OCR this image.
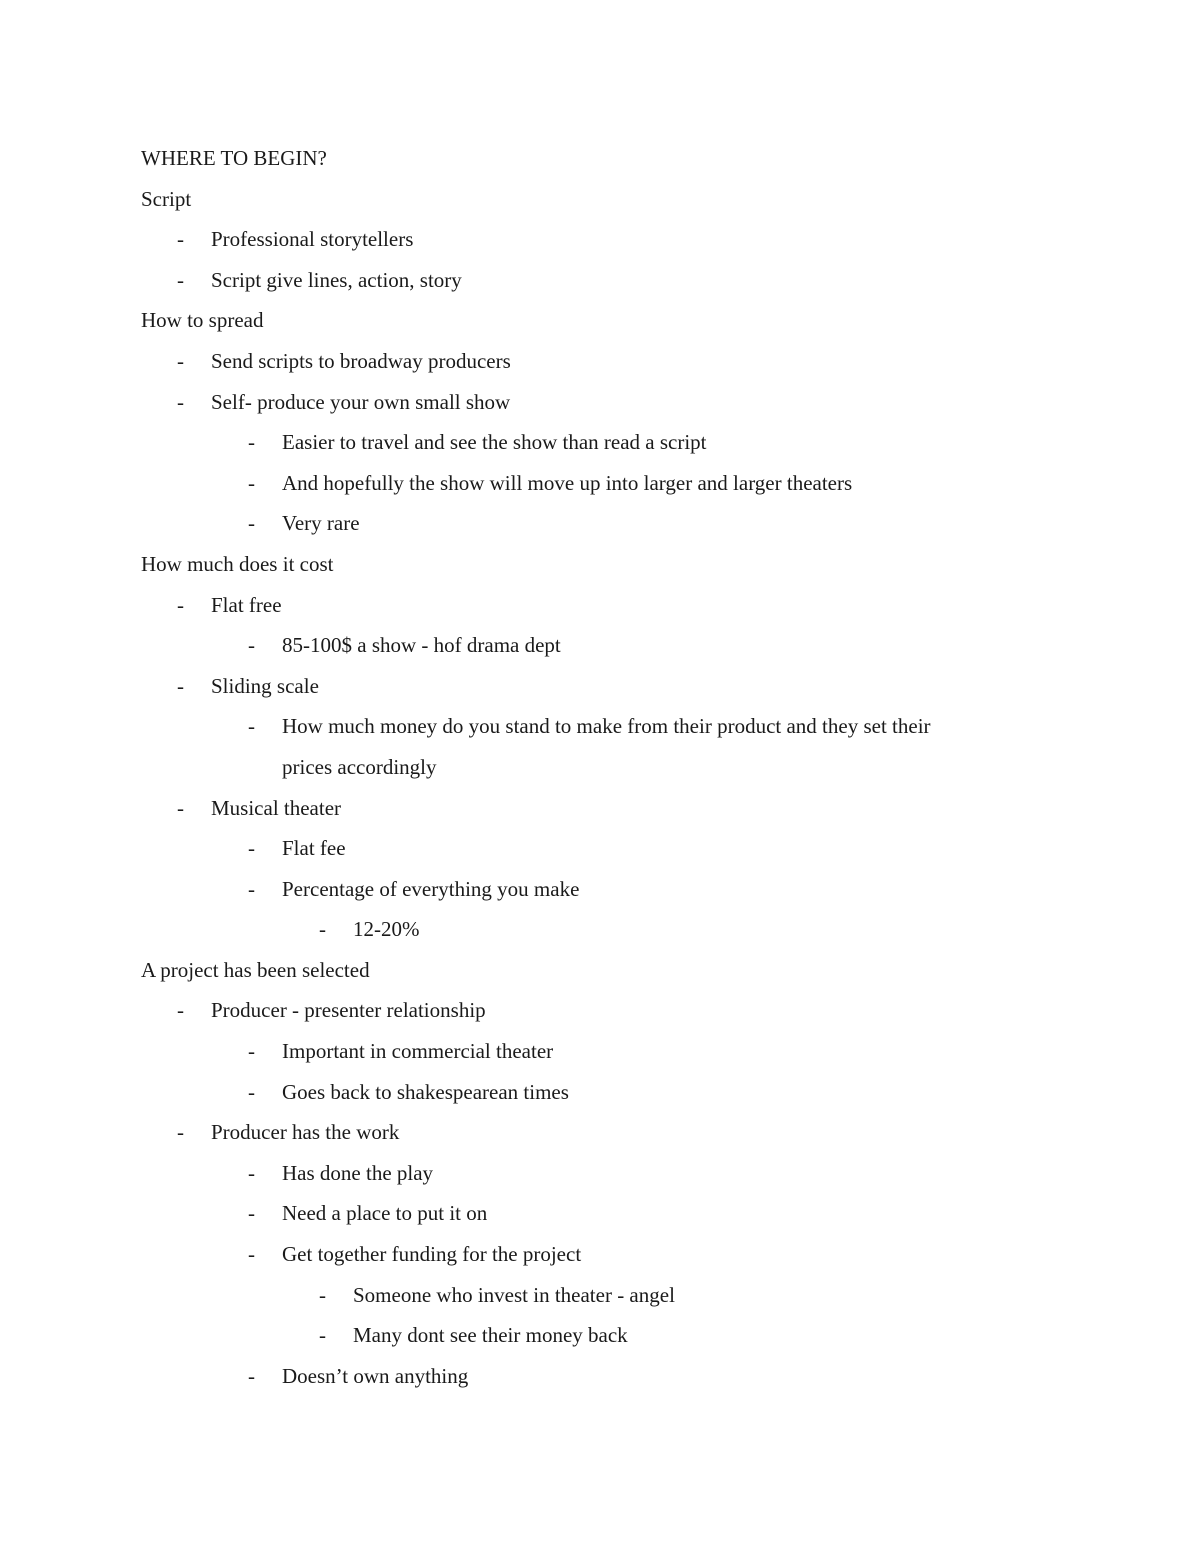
WHERE TO BEGIN?
Script
-	Professional storytellers
-	Script give lines, action, story
How to spread
-	Send scripts to broadway producers
-	Self- produce your own small show
-	Easier to travel and see the show than read a script
-	And hopefully the show will move up into larger and larger theaters
-	Very rare
How much does it cost
-	Flat free
-	85-100$ a show - hof drama dept
-	Sliding scale
-	How much money do you stand to make from their product and they set their
prices accordingly
-	Musical theater
-	Flat fee
-	Percentage of everything you make
-	12-20%
A project has been selected
-	Producer - presenter relationship
-	Important in commercial theater
-	Goes back to shakespearean times
-	Producer has the work
-	Has done the play
-	Need a place to put it on
-	Get together funding for the project
-	Someone who invest in theater - angel
-	Many dont see their money back
-	Doesn’t own anything
